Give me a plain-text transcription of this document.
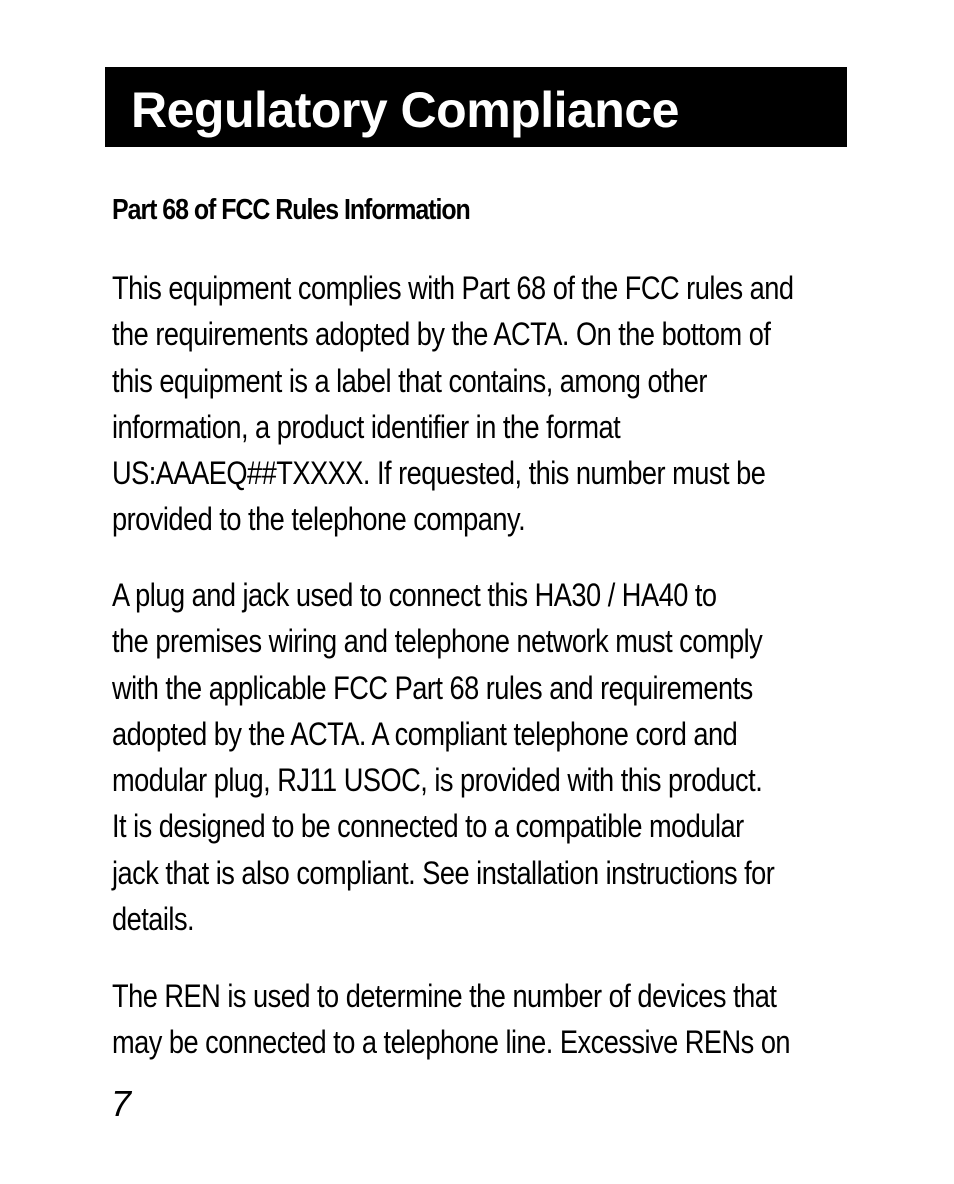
Regulatory Compliance
Part 68 of FCC Rules Information

This equipment complies with Part 68 of the FCC rules and
the requirements adopted by the ACTA. On the bottom of
this equipment is a label that contains, among other
information, a product identifier in the format
US:AAAEQ##TXXXX. If requested, this number must be
provided to the telephone company.

A plug and jack used to connect this HA30 / HA40 to
the premises wiring and telephone network must comply
with the applicable FCC Part 68 rules and requirements
adopted by the ACTA. A compliant telephone cord and
modular plug, RJ11 USOC, is provided with this product.
It is designed to be connected to a compatible modular
jack that is also compliant. See installation instructions for
details.

The REN is used to determine the number of devices that
may be connected to a telephone line. Excessive RENs on

7
